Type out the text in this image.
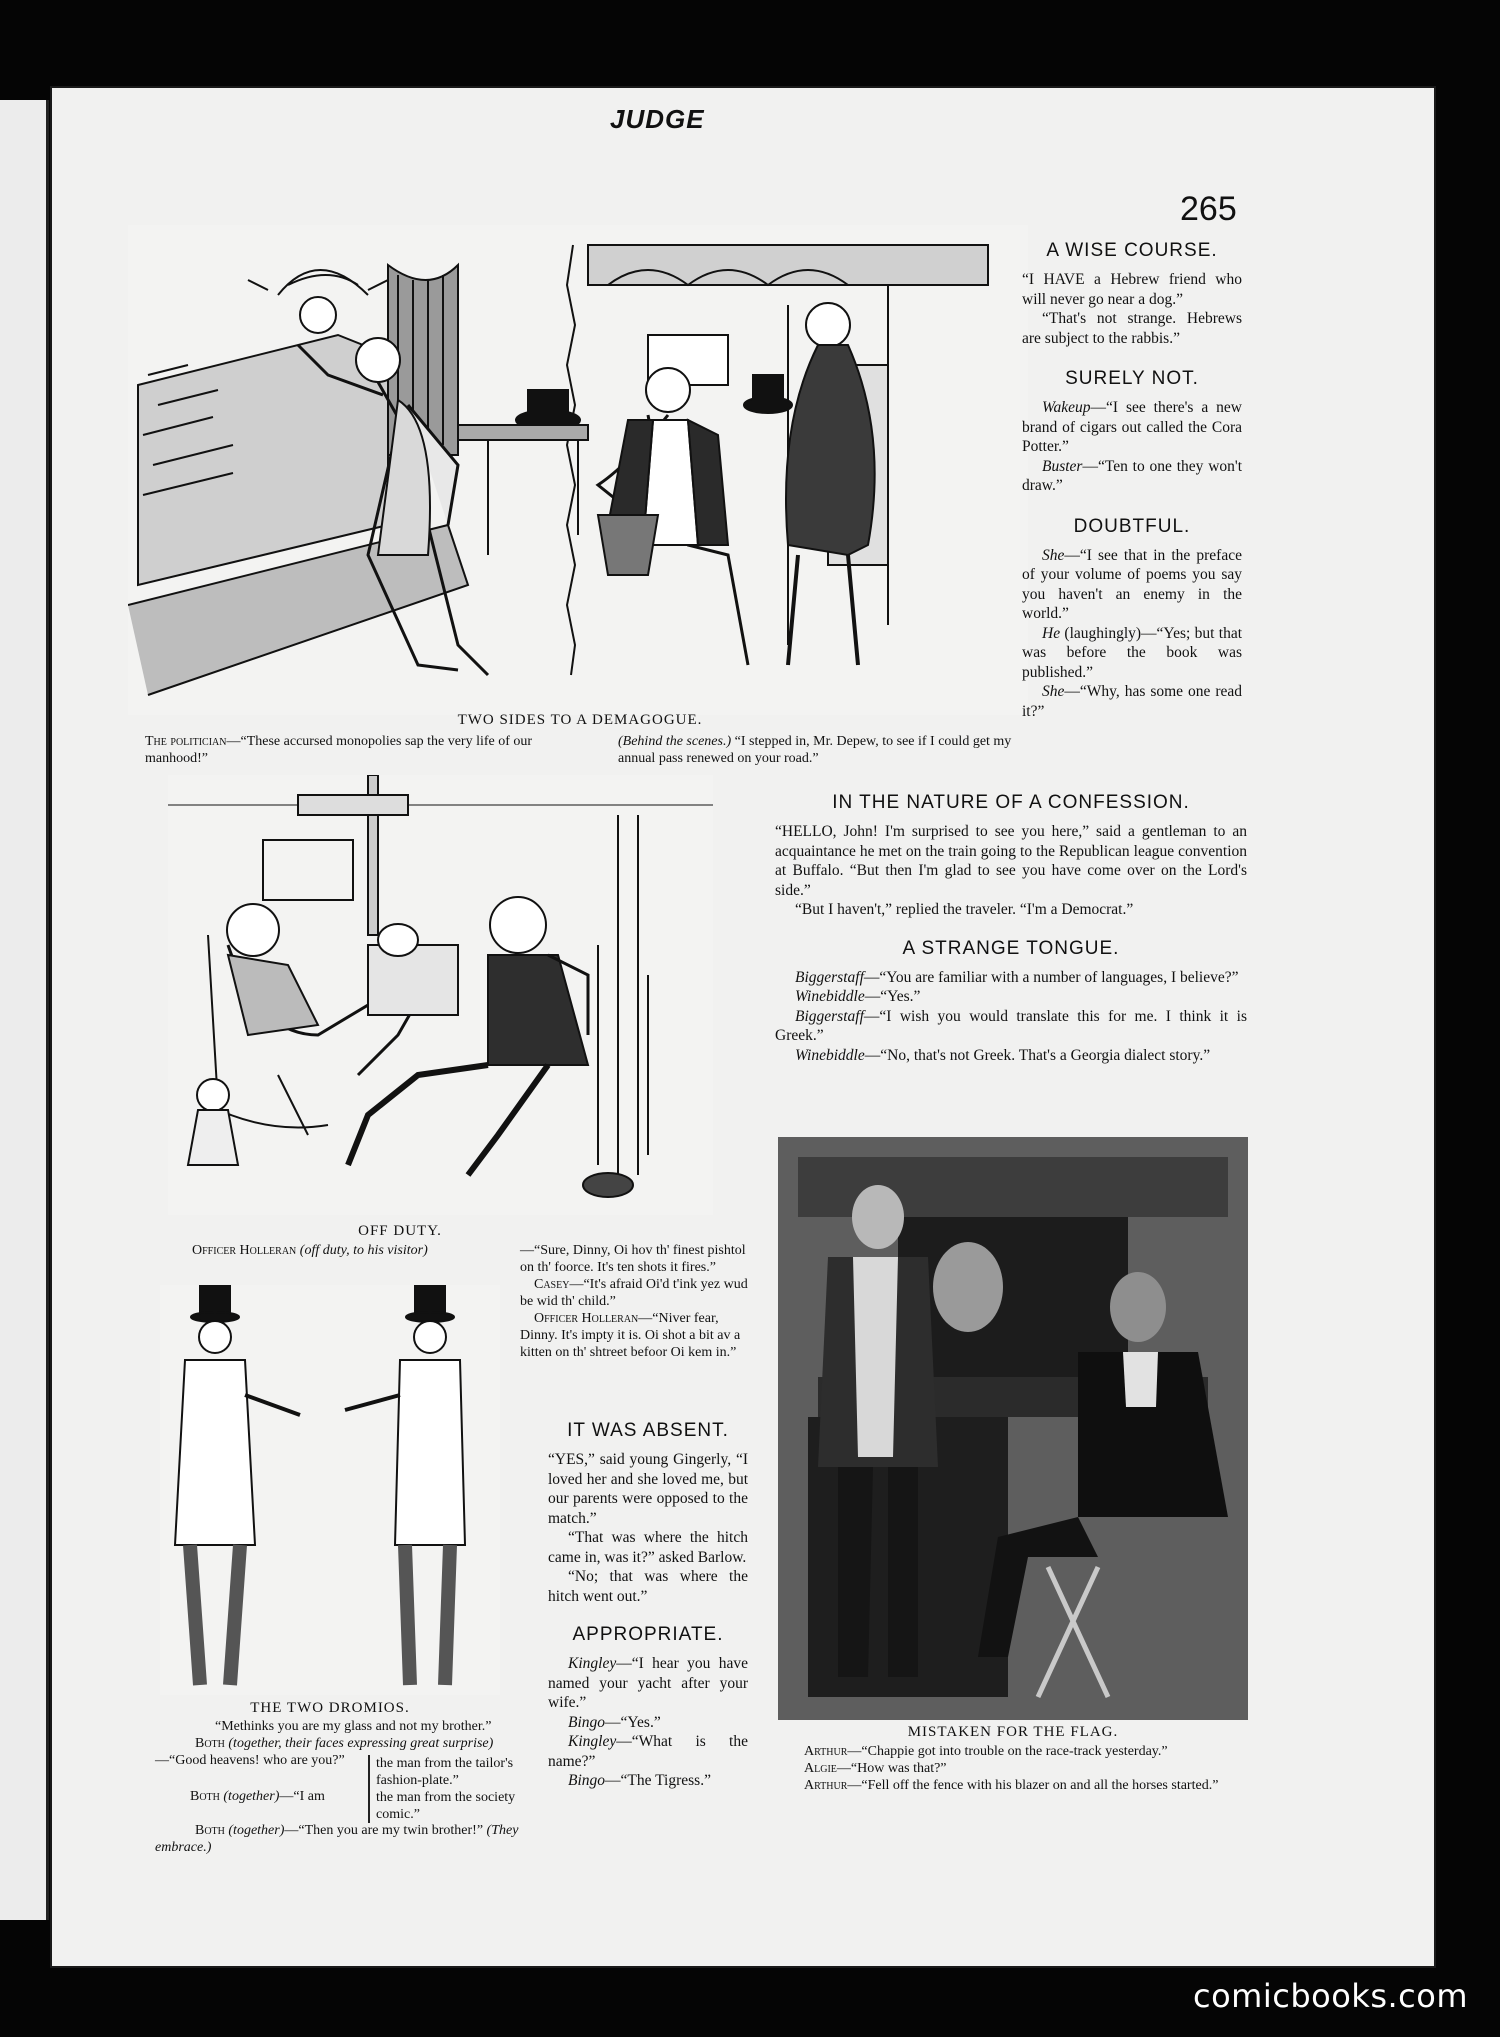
JUDGE
265
TWO SIDES TO A DEMAGOGUE.
The politician—“These accursed monopolies sap the very life of our manhood!”
(Behind the scenes.) “I stepped in, Mr. Depew, to see if I could get my annual pass renewed on your road.”
A WISE COURSE.

“I HAVE a Hebrew friend who will never go near a dog.”

“That's not strange. Hebrews are subject to the rabbis.”

SURELY NOT.

Wakeup—“I see there's a new brand of cigars out called the Cora Potter.”

Buster—“Ten to one they won't draw.”

DOUBTFUL.

She—“I see that in the preface of your volume of poems you say you haven't an enemy in the world.”

He (laughingly)—“Yes; but that was before the book was published.”

She—“Why, has some one read it?”

OFF DUTY.
Officer Holleran (off duty, to his visitor)	—“Sure, Dinny, Oi hov th' finest pishtol on th' foorce. It's ten shots it fires.”
Casey—“It's afraid Oi'd t'ink yez wud be wid th' child.”
Officer Holleran—“Niver fear, Dinny. It's impty it is. Oi shot a bit av a kitten on th' shtreet befoor Oi kem in.”
IN THE NATURE OF A CONFESSION.

“HELLO, John! I'm surprised to see you here,” said a gentleman to an acquaintance he met on the train going to the Republican league convention at Buffalo. “But then I'm glad to see you have come over on the Lord's side.”

“But I haven't,” replied the traveler. “I'm a Democrat.”

A STRANGE TONGUE.

Biggerstaff—“You are familiar with a number of languages, I believe?”

Winebiddle—“Yes.”

Biggerstaff—“I wish you would translate this for me. I think it is Greek.”

Winebiddle—“No, that's not Greek. That's a Georgia dialect story.”

THE TWO DROMIOS.
“Methinks you are my glass and not my brother.”
Both (together, their faces expressing great surprise)—“Good heavens! who are you?”
Both (together)—“I am
the man from the tailor's fashion-plate.”
the man from the society comic.”
Both (together)—“Then you are my twin brother!” (They embrace.)
IT WAS ABSENT.

“YES,” said young Gingerly, “I loved her and she loved me, but our parents were opposed to the match.”

“That was where the hitch came in, was it?” asked Barlow.

“No; that was where the hitch went out.”

APPROPRIATE.

Kingley—“I hear you have named your yacht after your wife.”

Bingo—“Yes.”

Kingley—“What is the name?”

Bingo—“The Tigress.”

MISTAKEN FOR THE FLAG.
Arthur—“Chappie got into trouble on the race-track yesterday.”
Algie—“How was that?”
Arthur—“Fell off the fence with his blazer on and all the horses started.”
comicbooks.com
